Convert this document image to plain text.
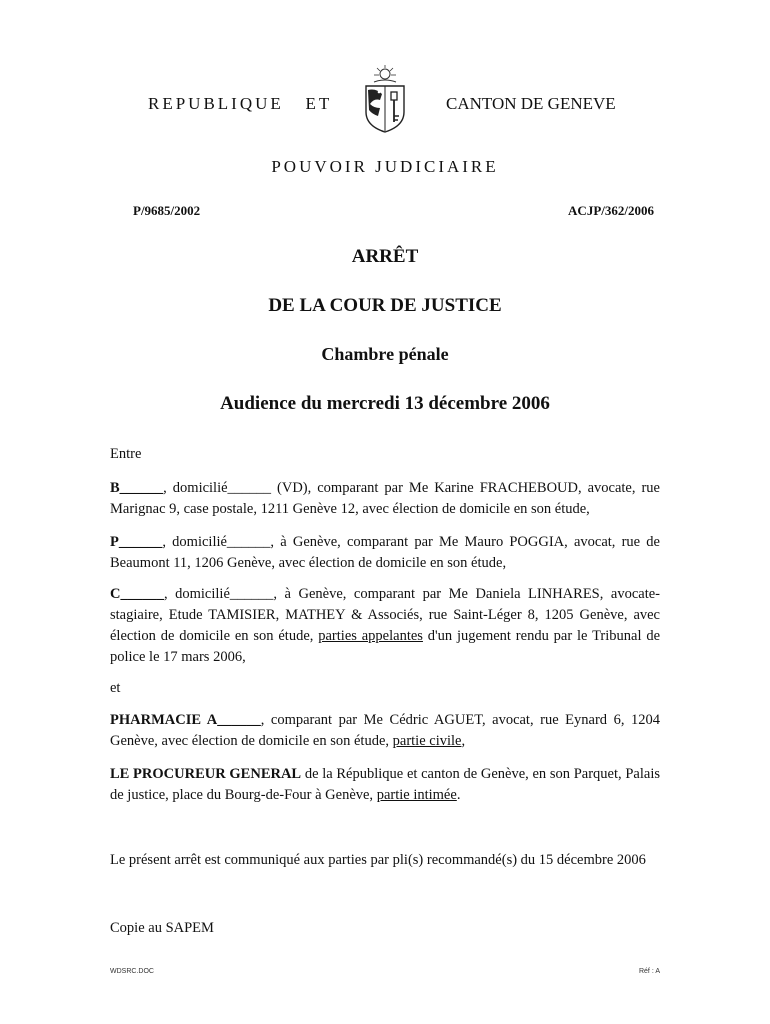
REPUBLIQUE   ET	CANTON DE GENEVE
POUVOIR JUDICIAIRE
P/9685/2002	ACJP/362/2006
ARRÊT
DE LA COUR DE JUSTICE
Chambre pénale
Audience du mercredi 13 décembre 2006

Entre

B______, domicilié______ (VD), comparant par Me Karine FRACHEBOUD, avocate, rue Marignac 9, case postale, 1211 Genève 12, avec élection de domicile en son étude,

P______, domicilié______, à Genève, comparant par Me Mauro POGGIA, avocat, rue de Beaumont 11, 1206 Genève, avec élection de domicile en son étude,

C______, domicilié______, à Genève, comparant par Me Daniela LINHARES, avocate-stagiaire, Etude TAMISIER, MATHEY & Associés, rue Saint-Léger 8, 1205 Genève, avec élection de domicile en son étude, parties appelantes d'un jugement rendu par le Tribunal de police le 17 mars 2006,

et

PHARMACIE A______, comparant par Me Cédric AGUET, avocat, rue Eynard 6, 1204 Genève, avec élection de domicile en son étude, partie civile,

LE PROCUREUR GENERAL de la République et canton de Genève, en son Parquet, Palais de justice, place du Bourg-de-Four à Genève, partie intimée.

Le présent arrêt est communiqué aux parties par pli(s) recommandé(s) du 15 décembre 2006

Copie au SAPEM

WDSRC.DOC	Réf : A
